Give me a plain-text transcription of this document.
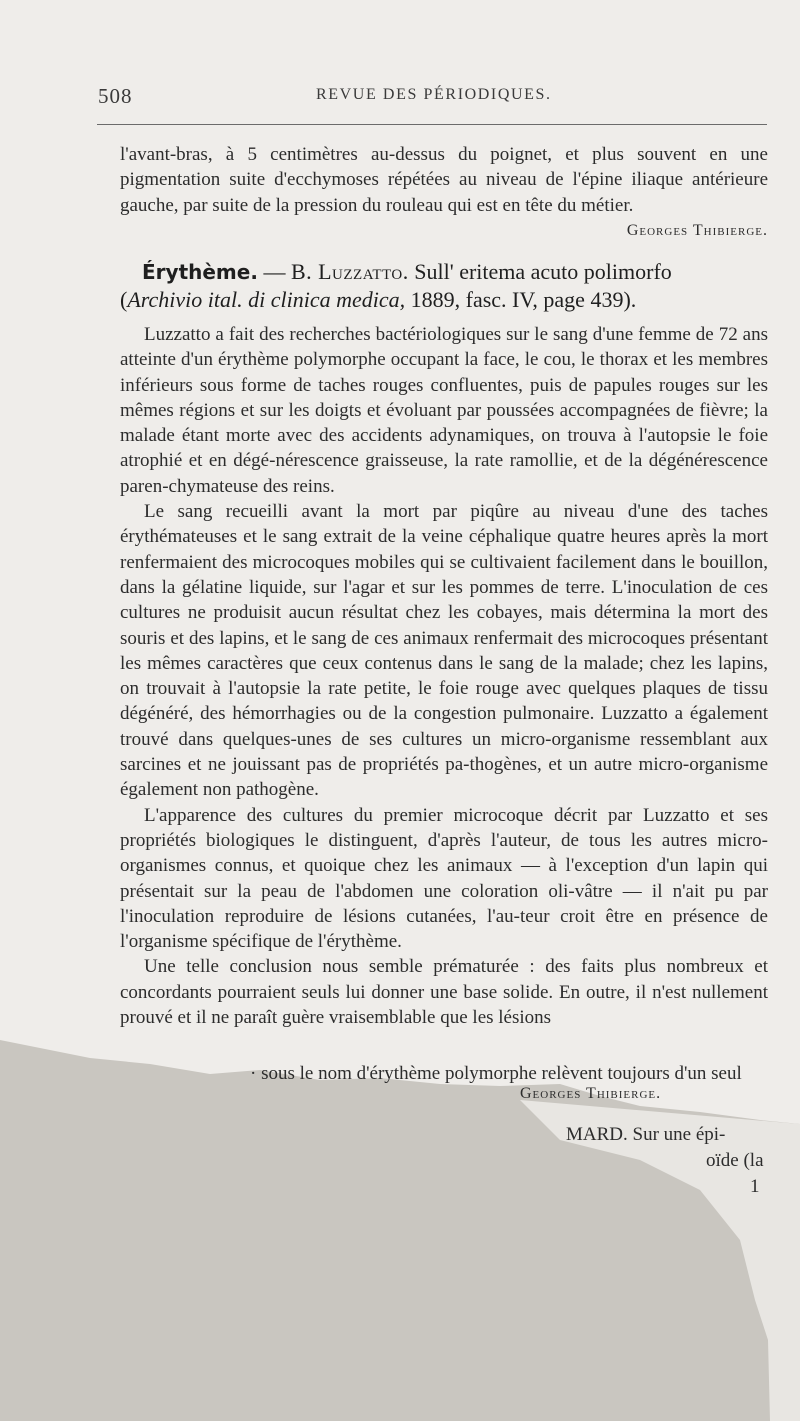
508	REVUE DES PÉRIODIQUES.

l'avant-bras, à 5 centimètres au-dessus du poignet, et plus souvent en une pigmentation suite d'ecchymoses répétées au niveau de l'épine iliaque antérieure gauche, par suite de la pression du rouleau qui est en tête du métier.
Georges Thibierge.

Érythème. — B. Luzzatto. Sull' eritema acuto polimorfo
(Archivio ital. di clinica medica, 1889, fasc. IV, page 439).

Luzzatto a fait des recherches bactériologiques sur le sang d'une femme de 72 ans atteinte d'un érythème polymorphe occupant la face, le cou, le thorax et les membres inférieurs sous forme de taches rouges confluentes, puis de papules rouges sur les mêmes régions et sur les doigts et évoluant par poussées accompagnées de fièvre; la malade étant morte avec des accidents adynamiques, on trouva à l'autopsie le foie atrophié et en dégé-nérescence graisseuse, la rate ramollie, et de la dégénérescence paren-chymateuse des reins.

Le sang recueilli avant la mort par piqûre au niveau d'une des taches érythémateuses et le sang extrait de la veine céphalique quatre heures après la mort renfermaient des microcoques mobiles qui se cultivaient facilement dans le bouillon, dans la gélatine liquide, sur l'agar et sur les pommes de terre. L'inoculation de ces cultures ne produisit aucun résultat chez les cobayes, mais détermina la mort des souris et des lapins, et le sang de ces animaux renfermait des microcoques présentant les mêmes caractères que ceux contenus dans le sang de la malade; chez les lapins, on trouvait à l'autopsie la rate petite, le foie rouge avec quelques plaques de tissu dégénéré, des hémorrhagies ou de la congestion pulmonaire. Luzzatto a également trouvé dans quelques-unes de ses cultures un micro-organisme ressemblant aux sarcines et ne jouissant pas de propriétés pa-thogènes, et un autre micro-organisme également non pathogène.

L'apparence des cultures du premier microcoque décrit par Luzzatto et ses propriétés biologiques le distinguent, d'après l'auteur, de tous les autres micro-organismes connus, et quoique chez les animaux — à l'exception d'un lapin qui présentait sur la peau de l'abdomen une coloration oli-vâtre — il n'ait pu par l'inoculation reproduire de lésions cutanées, l'au-teur croit être en présence de l'organisme spécifique de l'érythème.

Une telle conclusion nous semble prématurée : des faits plus nombreux et concordants pourraient seuls lui donner une base solide. En outre, il n'est nullement prouvé et il ne paraît guère vraisemblable que les lésions

· sous le nom d'érythème polymorphe relèvent toujours d'un seul
Georges Thibierge.
MARD. Sur une épi-
oïde (la
1
